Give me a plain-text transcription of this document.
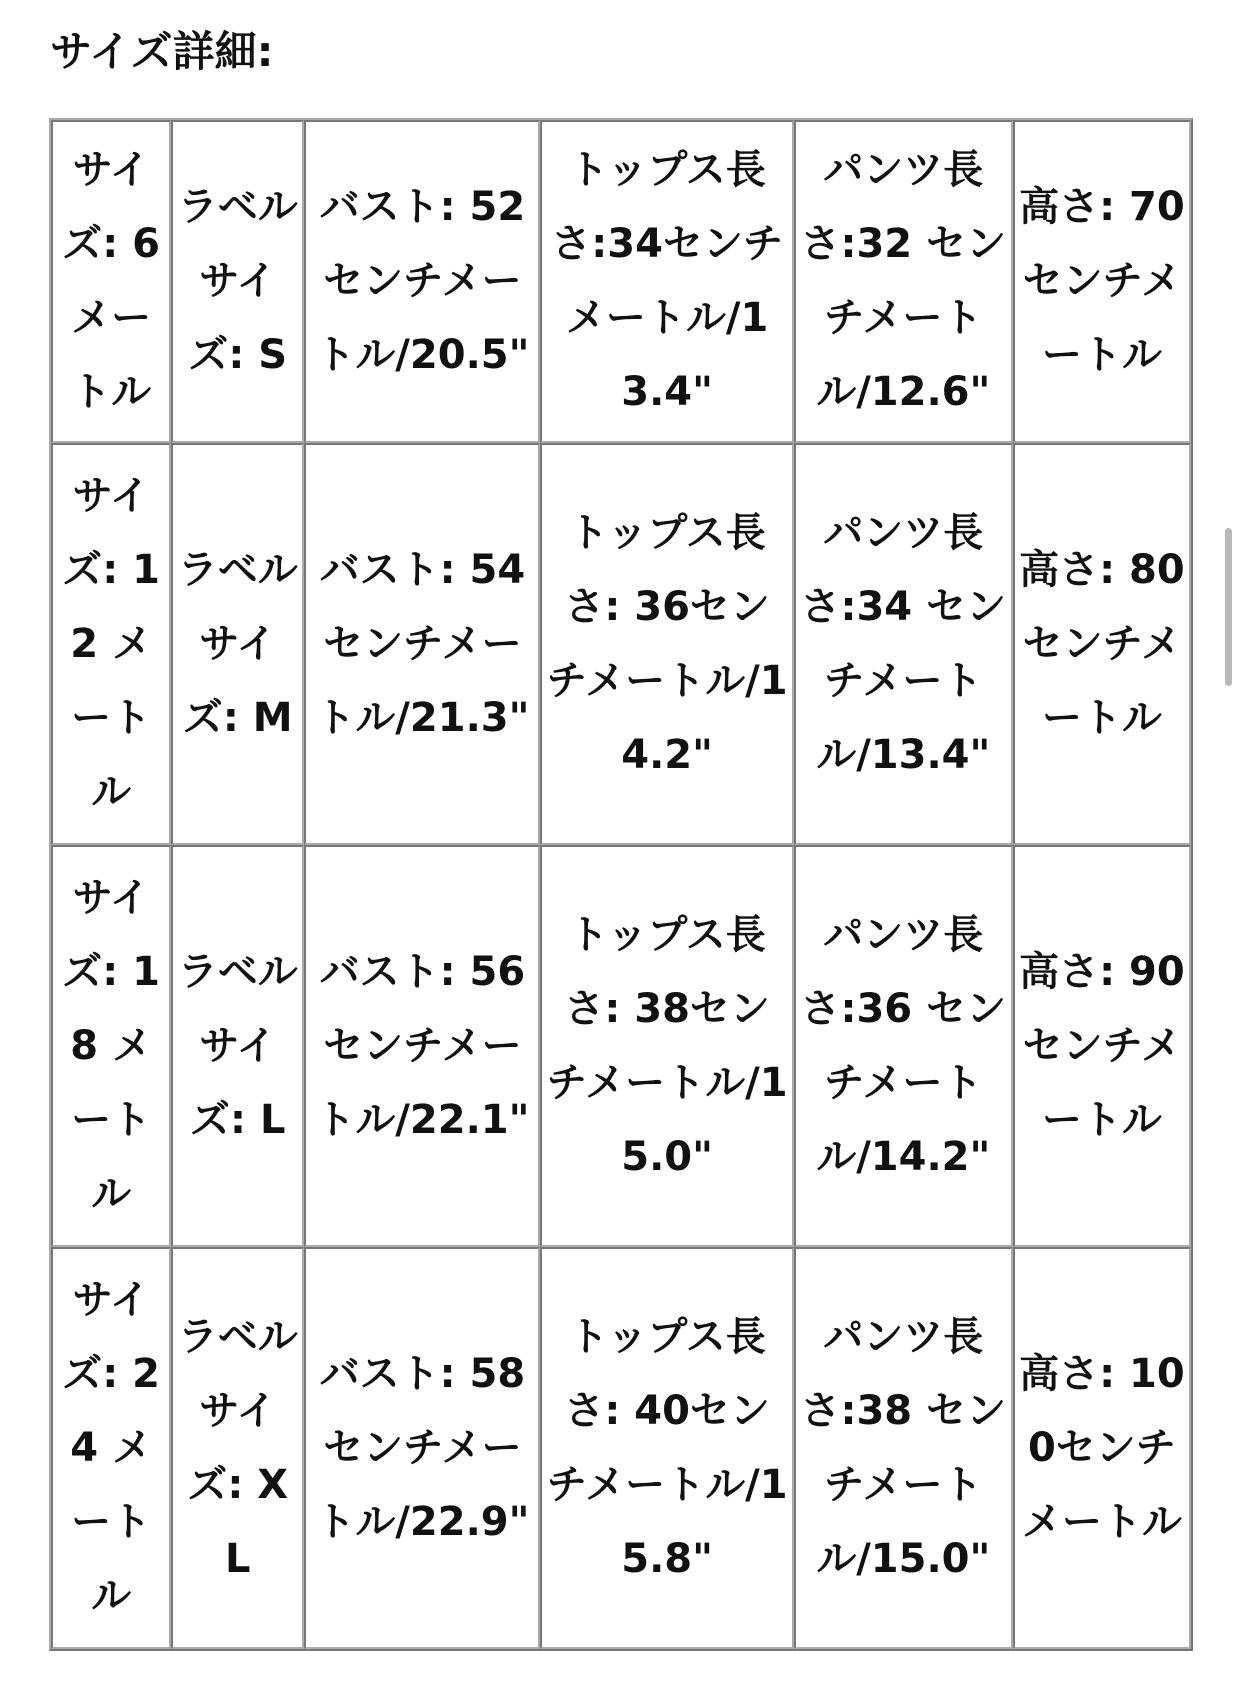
サイズ詳細:
サイズ: 6 メートル	ラベルサイズ: S	バスト: 52 センチメートル/20.5"	トップス長さ:34センチメートル/13.4"	パンツ長さ:32 センチメートル/12.6"	高さ: 70 センチメートル
サイズ: 12 メートル	ラベルサイズ: M	バスト: 54 センチメートル/21.3"	トップス長さ: 36センチメートル/14.2"	パンツ長さ:34 センチメートル/13.4"	高さ: 80 センチメートル
サイズ: 18 メートル	ラベルサイズ: L	バスト: 56 センチメートル/22.1"	トップス長さ: 38センチメートル/15.0"	パンツ長さ:36 センチメートル/14.2"	高さ: 90 センチメートル
サイズ: 24 メートル	ラベルサイズ: XL	バスト: 58 センチメートル/22.9"	トップス長さ: 40センチメートル/15.8"	パンツ長さ:38 センチメートル/15.0"	高さ: 100センチメートル
